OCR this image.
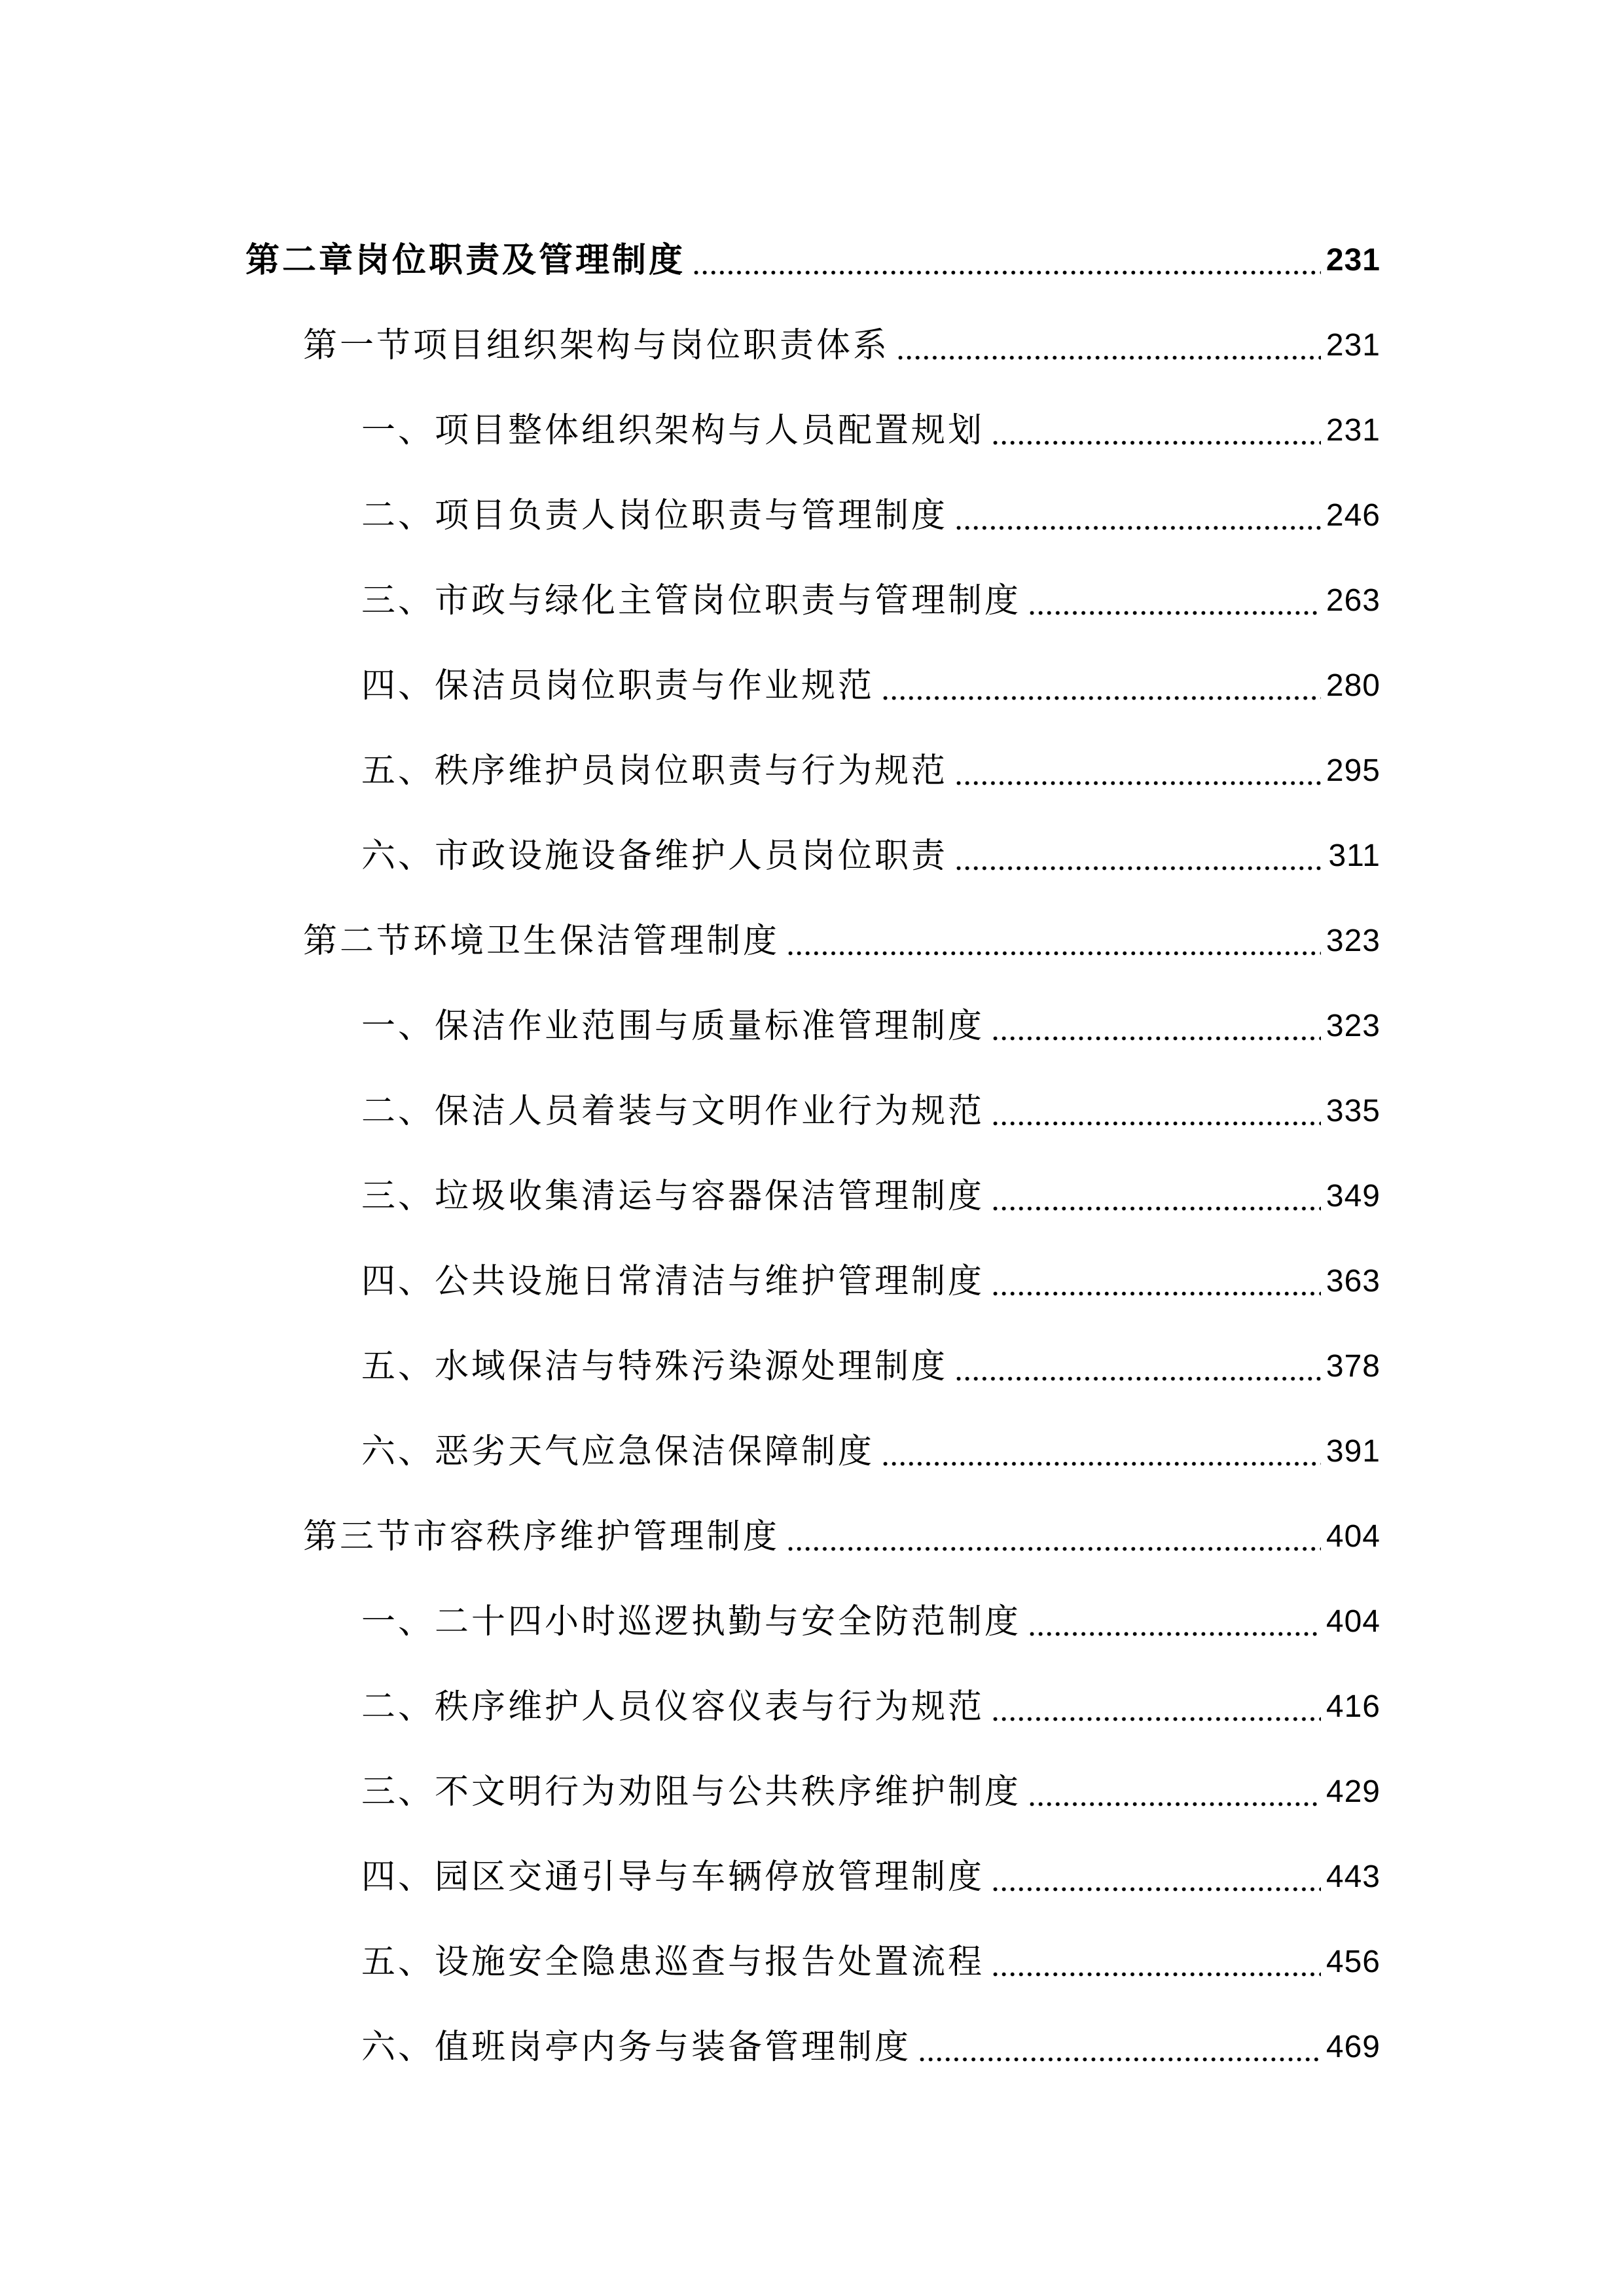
第二章岗位职责及管理制度	231
第一节项目组织架构与岗位职责体系	231
一、项目整体组织架构与人员配置规划	231
二、项目负责人岗位职责与管理制度	246
三、市政与绿化主管岗位职责与管理制度	263
四、保洁员岗位职责与作业规范	280
五、秩序维护员岗位职责与行为规范	295
六、市政设施设备维护人员岗位职责	311
第二节环境卫生保洁管理制度	323
一、保洁作业范围与质量标准管理制度	323
二、保洁人员着装与文明作业行为规范	335
三、垃圾收集清运与容器保洁管理制度	349
四、公共设施日常清洁与维护管理制度	363
五、水域保洁与特殊污染源处理制度	378
六、恶劣天气应急保洁保障制度	391
第三节市容秩序维护管理制度	404
一、二十四小时巡逻执勤与安全防范制度	404
二、秩序维护人员仪容仪表与行为规范	416
三、不文明行为劝阻与公共秩序维护制度	429
四、园区交通引导与车辆停放管理制度	443
五、设施安全隐患巡查与报告处置流程	456
六、值班岗亭内务与装备管理制度	469
